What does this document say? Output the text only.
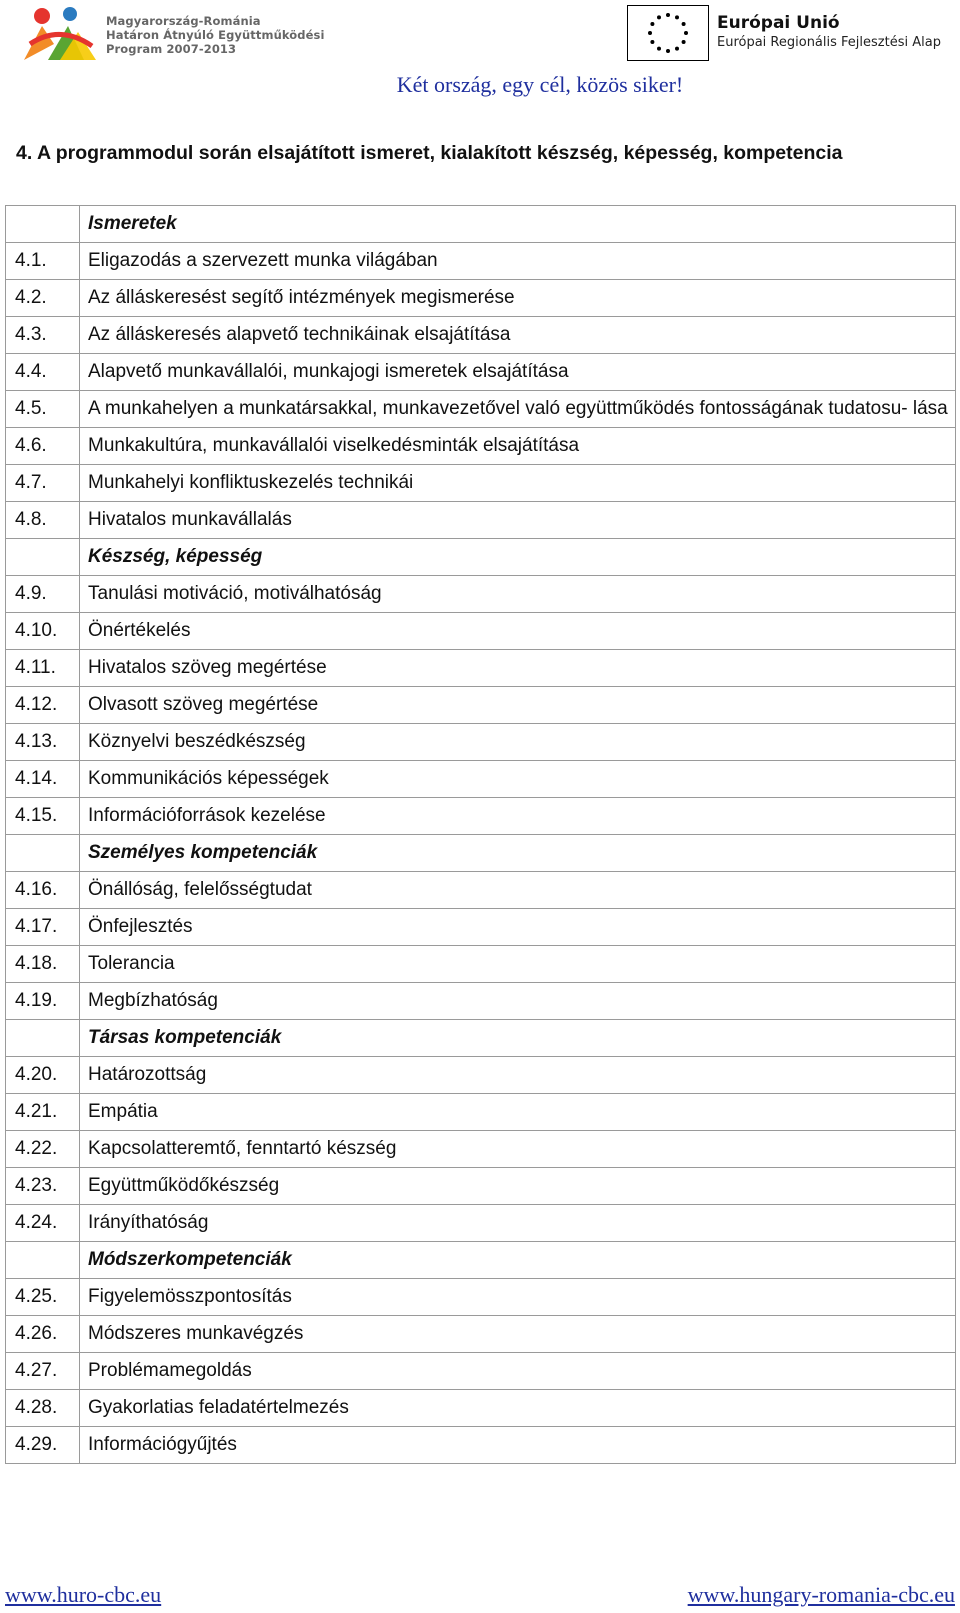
Magyarország-Románia
Határon Átnyúló Együttműködési
Program 2007-2013
Európai Unió
Európai Regionális Fejlesztési Alap
Két ország, egy cél, közös siker!
4. A programmodul során elsajátított ismeret, kialakított készség, képesség, kompetencia
	Ismeretek
4.1.	Eligazodás a szervezett munka világában
4.2.	Az álláskeresést segítő intézmények megismerése
4.3.	Az álláskeresés alapvető technikáinak elsajátítása
4.4.	Alapvető munkavállalói, munkajogi ismeretek elsajátítása
4.5.	A munkahelyen a munkatársakkal, munkavezetővel való együttműködés fontosságának tudatosu- lása
4.6.	Munkakultúra, munkavállalói viselkedésminták elsajátítása
4.7.	Munkahelyi konfliktuskezelés technikái
4.8.	Hivatalos munkavállalás
	Készség, képesség
4.9.	Tanulási motiváció, motiválhatóság
4.10.	Önértékelés
4.11.	Hivatalos szöveg megértése
4.12.	Olvasott szöveg megértése
4.13.	Köznyelvi beszédkészség
4.14.	Kommunikációs képességek
4.15.	Információforrások kezelése
	Személyes kompetenciák
4.16.	Önállóság, felelősségtudat
4.17.	Önfejlesztés
4.18.	Tolerancia
4.19.	Megbízhatóság
	Társas kompetenciák
4.20.	Határozottság
4.21.	Empátia
4.22.	Kapcsolatteremtő, fenntartó készség
4.23.	Együttműködőkészség
4.24.	Irányíthatóság
	Módszerkompetenciák
4.25.	Figyelemösszpontosítás
4.26.	Módszeres munkavégzés
4.27.	Problémamegoldás
4.28.	Gyakorlatias feladatértelmezés
4.29.	Információgyűjtés
www.huro-cbc.eu	www.hungary-romania-cbc.eu
